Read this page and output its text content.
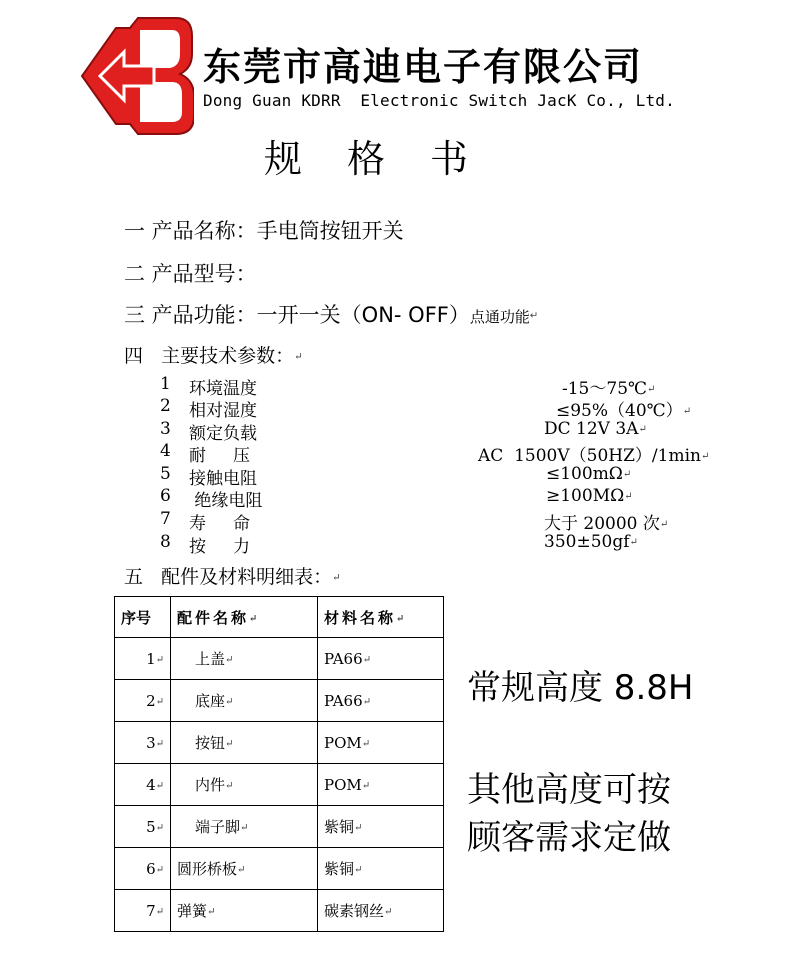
东莞市高迪电子有限公司
Dong Guan KDRR  Electronic Switch JacK Co., Ltd.
规格书
一 产品名称：手电筒按钮开关
二 产品型号：
三 产品功能：一开一关（ON- OFF）点通功能↵
四   主要技术参数：↵
1 环境温度	-15～75℃↵
2 相对湿度	≤95%（40℃）↵
3 额定负载	DC 12V 3A↵
4 耐     压	AC  1500V（50HZ）/1min↵
5 接触电阻	≤100mΩ↵
6 绝缘电阻	≥100MΩ↵
7 寿     命	大于 20000 次↵
8 按     力	350±50gf↵
五   配件及材料明细表：↵
序号	配件名称↵	材料名称↵
1↵	上盖↵	PA66↵
2↵	底座↵	PA66↵
3↵	按钮↵	POM↵
4↵	内件↵	POM↵
5↵	端子脚↵	紫铜↵
6↵	圆形桥板↵	紫铜↵
7↵	弹簧↵	碳素钢丝↵
常规高度 8.8H
其他高度可按
顾客需求定做
